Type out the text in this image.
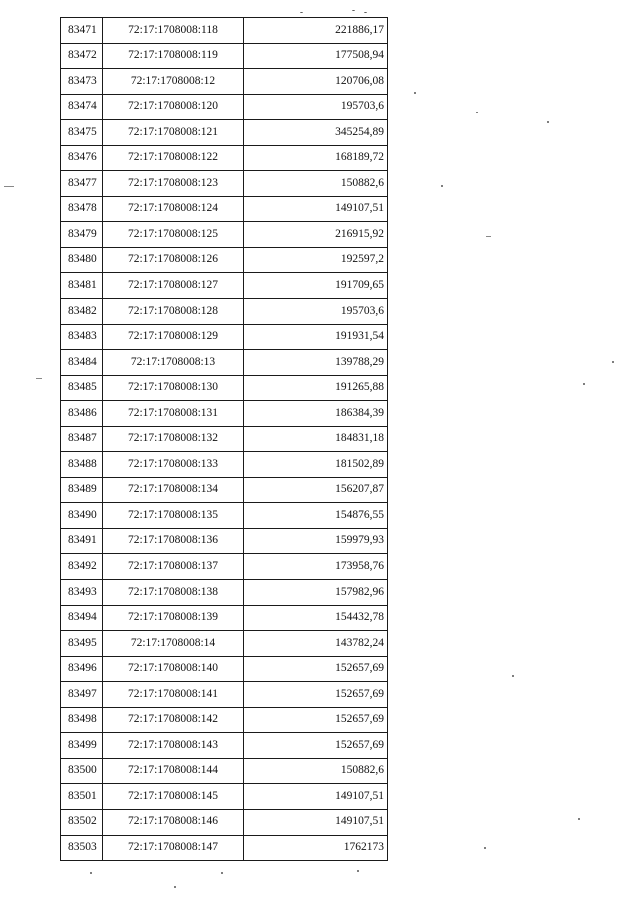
83471	72:17:1708008:118	221886,17
83472	72:17:1708008:119	177508,94
83473	72:17:1708008:12	120706,08
83474	72:17:1708008:120	195703,6
83475	72:17:1708008:121	345254,89
83476	72:17:1708008:122	168189,72
83477	72:17:1708008:123	150882,6
83478	72:17:1708008:124	149107,51
83479	72:17:1708008:125	216915,92
83480	72:17:1708008:126	192597,2
83481	72:17:1708008:127	191709,65
83482	72:17:1708008:128	195703,6
83483	72:17:1708008:129	191931,54
83484	72:17:1708008:13	139788,29
83485	72:17:1708008:130	191265,88
83486	72:17:1708008:131	186384,39
83487	72:17:1708008:132	184831,18
83488	72:17:1708008:133	181502,89
83489	72:17:1708008:134	156207,87
83490	72:17:1708008:135	154876,55
83491	72:17:1708008:136	159979,93
83492	72:17:1708008:137	173958,76
83493	72:17:1708008:138	157982,96
83494	72:17:1708008:139	154432,78
83495	72:17:1708008:14	143782,24
83496	72:17:1708008:140	152657,69
83497	72:17:1708008:141	152657,69
83498	72:17:1708008:142	152657,69
83499	72:17:1708008:143	152657,69
83500	72:17:1708008:144	150882,6
83501	72:17:1708008:145	149107,51
83502	72:17:1708008:146	149107,51
83503	72:17:1708008:147	1762173
